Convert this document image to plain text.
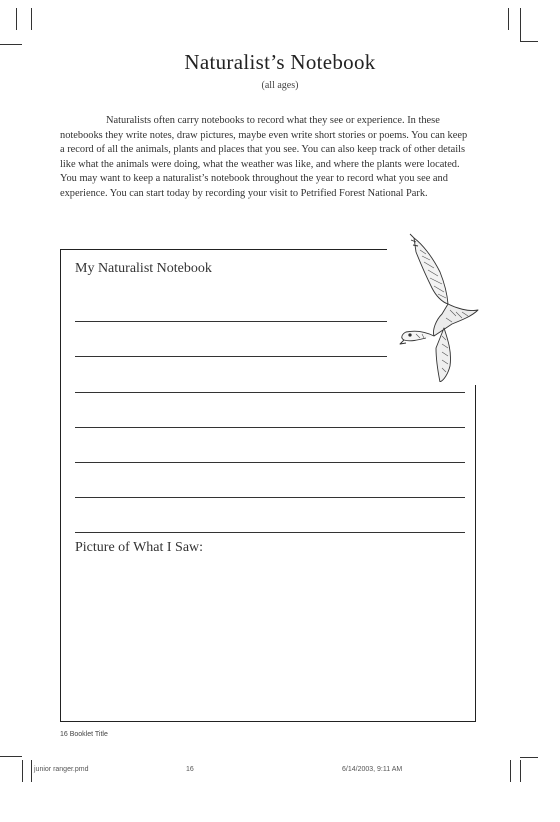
Naturalist’s Notebook
(all ages)
Naturalists often carry notebooks to record what they see or experience. In these notebooks they write notes, draw pictures, maybe even write short stories or poems. You can keep a record of all the animals, plants and places that you see. You can also keep track of other details like what the animals were doing, what the weather was like, and where the plants were located. You may want to keep a naturalist’s notebook throughout the year to record what you see and experience. You can start today by recording your visit to Petrified Forest National Park.
My Naturalist Notebook
Picture of What I Saw:
16 Booklet Title
junior ranger.pmd	16	6/14/2003, 9:11 AM
